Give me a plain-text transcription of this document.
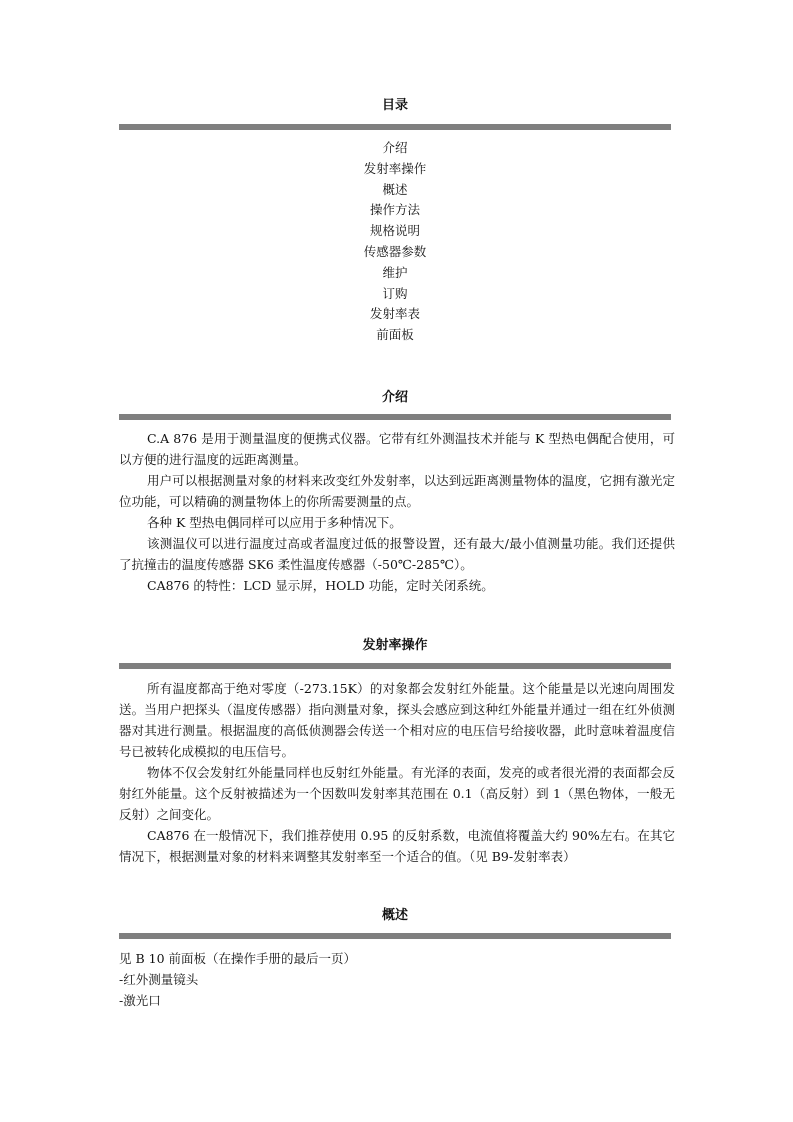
目录
介绍
发射率操作
概述
操作方法
规格说明
传感器参数
维护
订购
发射率表
前面板
介绍

C.A 876 是用于测量温度的便携式仪器。它带有红外测温技术并能与 K 型热电偶配合使用，可以方便的进行温度的远距离测量。

用户可以根据测量对象的材料来改变红外发射率，以达到远距离测量物体的温度，它拥有激光定位功能，可以精确的测量物体上的你所需要测量的点。

各种 K 型热电偶同样可以应用于多种情况下。

该测温仪可以进行温度过高或者温度过低的报警设置，还有最大/最小值测量功能。我们还提供了抗撞击的温度传感器 SK6 柔性温度传感器（-50℃-285℃）。

CA876 的特性：LCD 显示屏，HOLD 功能，定时关闭系统。

发射率操作

所有温度都高于绝对零度（-273.15K）的对象都会发射红外能量。这个能量是以光速向周围发送。当用户把探头（温度传感器）指向测量对象，探头会感应到这种红外能量并通过一组在红外侦测器对其进行测量。根据温度的高低侦测器会传送一个相对应的电压信号给接收器，此时意味着温度信号已被转化成模拟的电压信号。

物体不仅会发射红外能量同样也反射红外能量。有光泽的表面，发亮的或者很光滑的表面都会反射红外能量。这个反射被描述为一个因数叫发射率其范围在 0.1（高反射）到 1（黑色物体，一般无反射）之间变化。

CA876 在一般情况下，我们推荐使用 0.95 的反射系数，电流值将覆盖大约 90%左右。在其它情况下，根据测量对象的材料来调整其发射率至一个适合的值。（见 B9-发射率表）

概述

见 B 10 前面板（在操作手册的最后一页）

-红外测量镜头

-激光口
